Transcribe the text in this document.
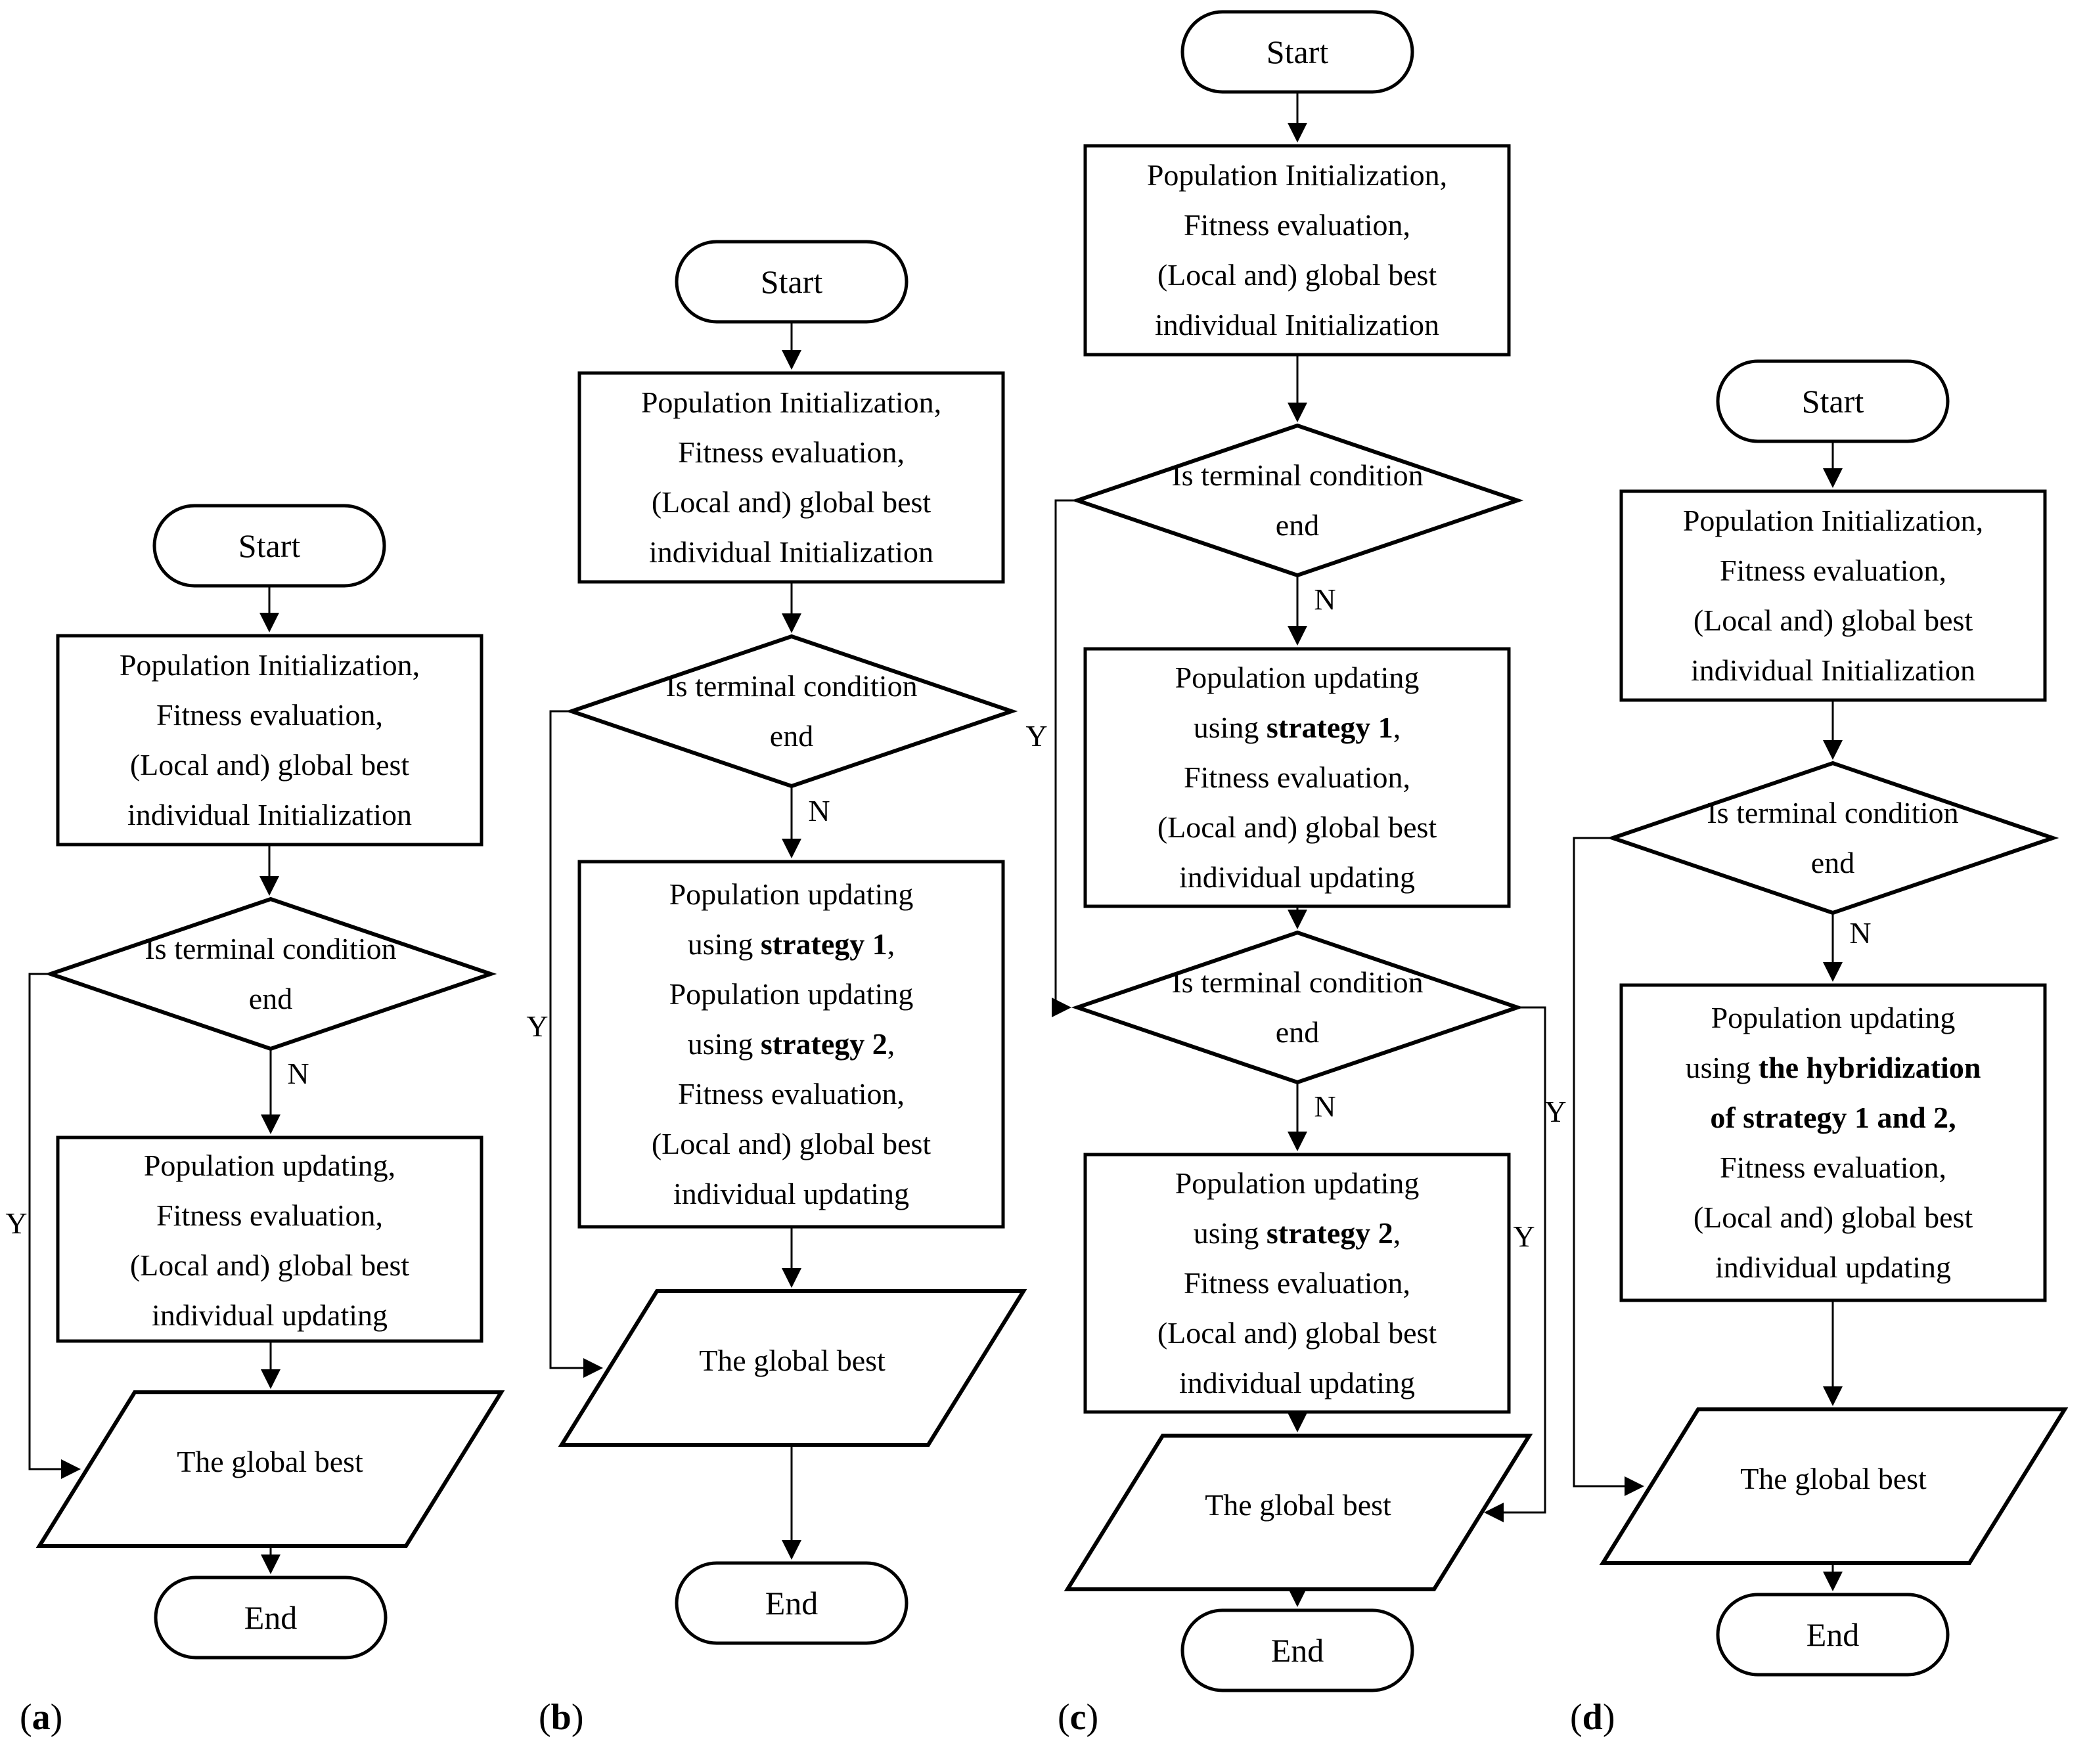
Start
Population Initialization,
Fitness evaluation,
(Local and) global best
individual Initialization
Is terminal condition
end
N
Y
Population updating,
Fitness evaluation,
(Local and) global best
individual updating
The global best
End
(a)
Start
Population Initialization,
Fitness evaluation,
(Local and) global best
individual Initialization
Is terminal condition
end
N
Y
Population updating
using strategy 1,
Population updating
using strategy 2,
Fitness evaluation,
(Local and) global best
individual updating
The global best
End
(b)
Start
Population Initialization,
Fitness evaluation,
(Local and) global best
individual Initialization
Is terminal condition
end
N
Y
Population updating
using strategy 1,
Fitness evaluation,
(Local and) global best
individual updating
Is terminal condition
end
N
Y
Population updating
using strategy 2,
Fitness evaluation,
(Local and) global best
individual updating
The global best
End
(c)
Start
Population Initialization,
Fitness evaluation,
(Local and) global best
individual Initialization
Is terminal condition
end
N
Y
Population updating
using the hybridization
of strategy 1 and 2,
Fitness evaluation,
(Local and) global best
individual updating
The global best
End
(d)
